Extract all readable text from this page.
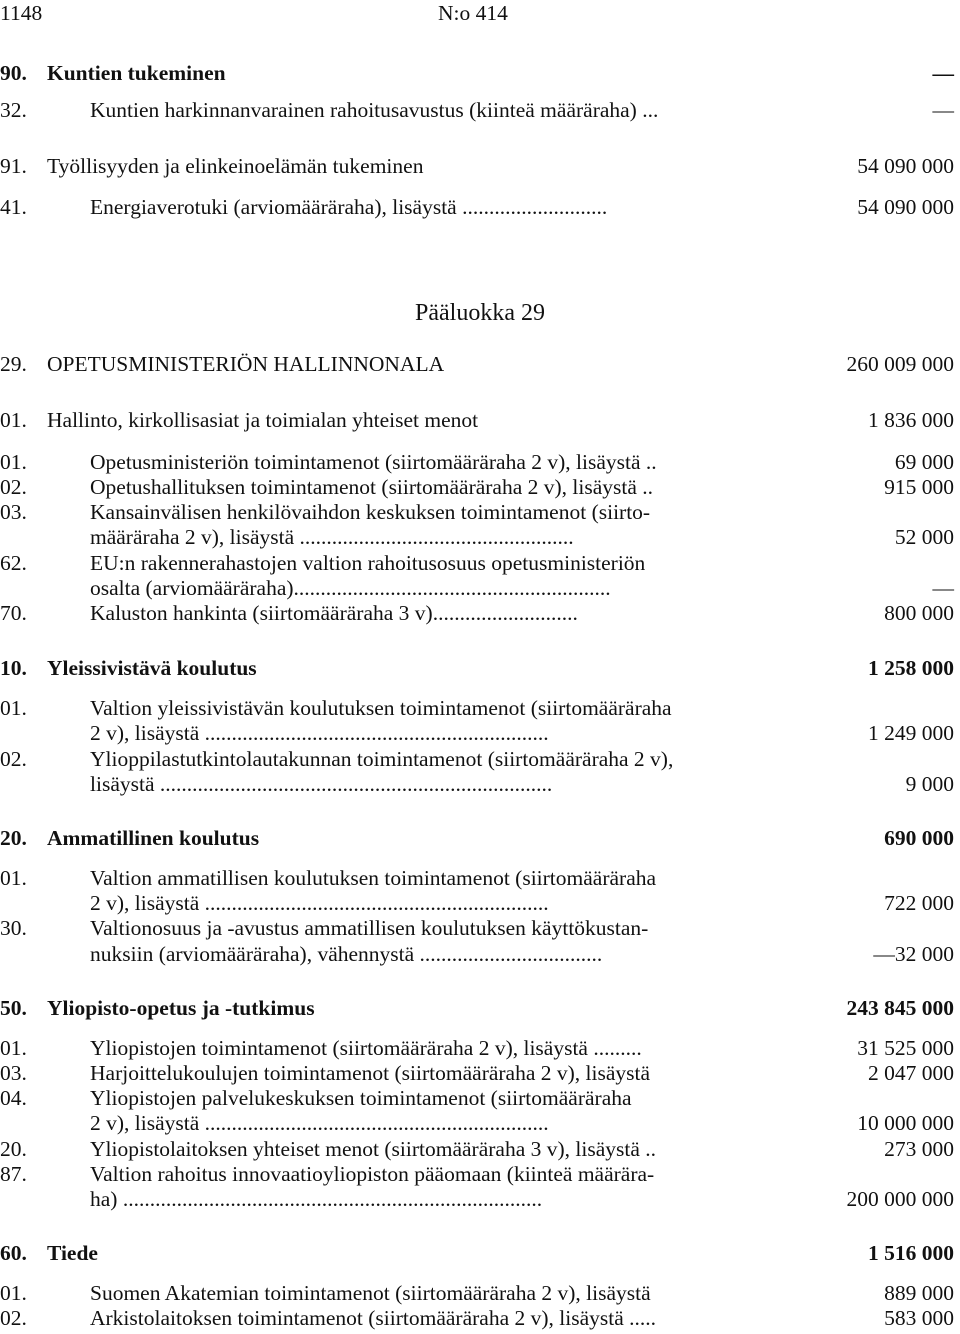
1148	N:o 414
Pääluokka 29
90. Kuntien tukeminen	—
32.	Kuntien harkinnanvarainen rahoitusavustus (kiinteä määräraha) ...	—
91. Työllisyyden ja elinkeinoelämän tukeminen	54 090 000
41.	Energiaverotuki (arviomääräraha), lisäystä ...........................	54 090 000
29. OPETUSMINISTERIÖN HALLINNONALA	260 009 000
01. Hallinto, kirkollisasiat ja toimialan yhteiset menot	1 836 000
01.	Opetusministeriön toimintamenot (siirtomääräraha 2 v), lisäystä ..	69 000
02.	Opetushallituksen toimintamenot (siirtomääräraha 2 v), lisäystä ..	915 000
03.	Kansainvälisen henkilövaihdon keskuksen toimintamenot (siirto-
määräraha 2 v), lisäystä ...................................................	52 000
62.	EU:n rakennerahastojen valtion rahoitusosuus opetusministeriön
osalta (arviomääräraha)...........................................................	—
70.	Kaluston hankinta (siirtomääräraha 3 v)...........................	800 000
10. Yleissivistävä koulutus	1 258 000
01.	Valtion yleissivistävän koulutuksen toimintamenot (siirtomääräraha
2 v), lisäystä ................................................................	1 249 000
02.	Ylioppilastutkintolautakunnan toimintamenot (siirtomääräraha 2 v),
lisäystä .........................................................................	9 000
20. Ammatillinen koulutus	690 000
01.	Valtion ammatillisen koulutuksen toimintamenot (siirtomääräraha
2 v), lisäystä ................................................................	722 000
30.	Valtionosuus ja -avustus ammatillisen koulutuksen käyttökustan-
nuksiin (arviomääräraha), vähennystä ..................................	—32 000
50. Yliopisto-opetus ja -tutkimus	243 845 000
01.	Yliopistojen toimintamenot (siirtomääräraha 2 v), lisäystä .........	31 525 000
03.	Harjoittelukoulujen toimintamenot (siirtomääräraha 2 v), lisäystä	2 047 000
04.	Yliopistojen palvelukeskuksen toimintamenot (siirtomääräraha
2 v), lisäystä ................................................................	10 000 000
20.	Yliopistolaitoksen yhteiset menot (siirtomääräraha 3 v), lisäystä ..	273 000
87.	Valtion rahoitus innovaatioyliopiston pääomaan (kiinteä määrära-
ha) ..............................................................................	200 000 000
60. Tiede	1 516 000
01.	Suomen Akatemian toimintamenot (siirtomääräraha 2 v), lisäystä	889 000
02.	Arkistolaitoksen toimintamenot (siirtomääräraha 2 v), lisäystä .....	583 000
